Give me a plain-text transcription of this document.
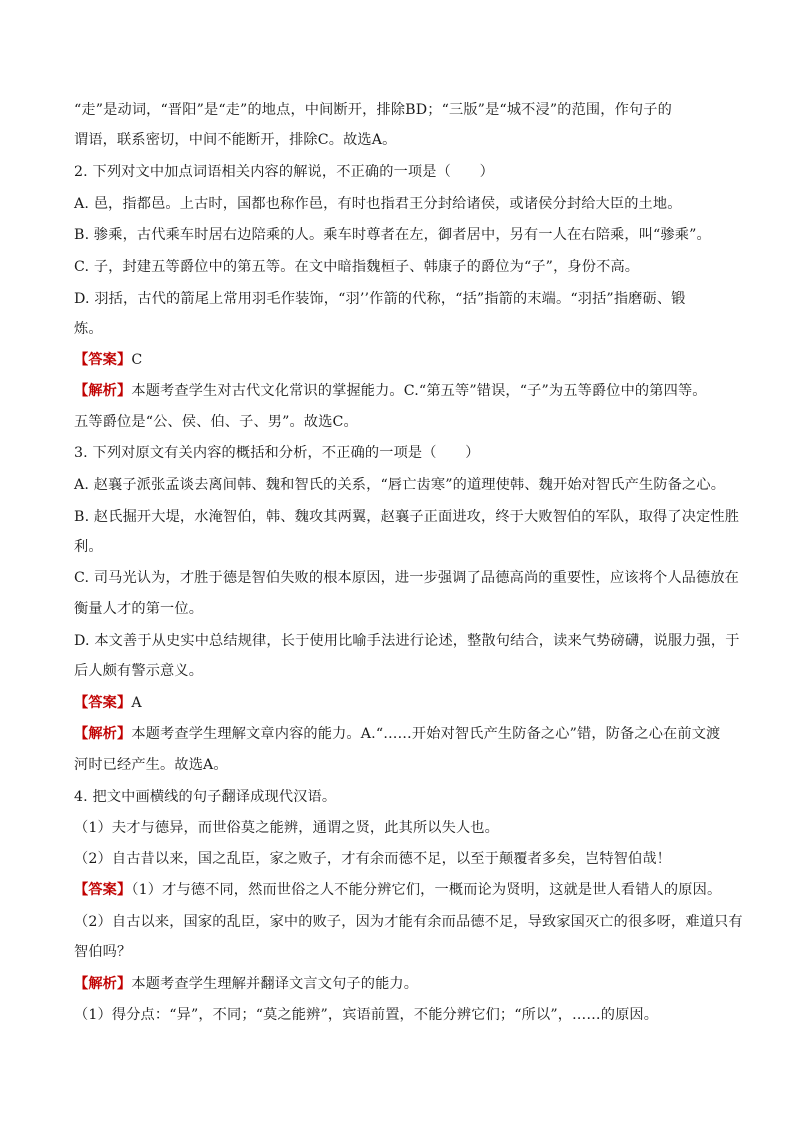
“走”是动词，“晋阳”是“走”的地点，中间断开，排除BD；“三版”是“城不浸”的范围，作句子的
谓语，联系密切，中间不能断开，排除C。故选A。
2. 下列对文中加点词语相关内容的解说，不正确的一项是（　　）
A. 邑，指都邑。上古时，国都也称作邑，有时也指君王分封给诸侯，或诸侯分封给大臣的土地。
B. 骖乘，古代乘车时居右边陪乘的人。乘车时尊者在左，御者居中，另有一人在右陪乘，叫“骖乘”。
C. 子，封建五等爵位中的第五等。在文中暗指魏桓子、韩康子的爵位为“子”，身份不高。
D. 羽括，古代的箭尾上常用羽毛作装饰，“羽’’作箭的代称，“括”指箭的末端。“羽括”指磨砺、锻
炼。
【答案】C
【解析】本题考查学生对古代文化常识的掌握能力。C.“第五等”错误，“子”为五等爵位中的第四等。
五等爵位是“公、侯、伯、子、男”。故选C。
3. 下列对原文有关内容的概括和分析，不正确的一项是（　　）
A. 赵襄子派张孟谈去离间韩、魏和智氏的关系，“唇亡齿寒”的道理使韩、魏开始对智氏产生防备之心。
B. 赵氏掘开大堤，水淹智伯，韩、魏攻其两翼，赵襄子正面进攻，终于大败智伯的军队，取得了决定性胜
利。
C. 司马光认为，才胜于德是智伯失败的根本原因，进一步强调了品德高尚的重要性，应该将个人品德放在
衡量人才的第一位。
D. 本文善于从史实中总结规律，长于使用比喻手法进行论述，整散句结合，读来气势磅礴，说服力强，于
后人颇有警示意义。
【答案】A
【解析】本题考查学生理解文章内容的能力。A.“……开始对智氏产生防备之心”错，防备之心在前文渡
河时已经产生。故选A。
4. 把文中画横线的句子翻译成现代汉语。
（1）夫才与德异，而世俗莫之能辨，通谓之贤，此其所以失人也。
（2）自古昔以来，国之乱臣，家之败子，才有余而德不足，以至于颠覆者多矣，岂特智伯哉！
【答案】（1）才与德不同，然而世俗之人不能分辨它们，一概而论为贤明，这就是世人看错人的原因。
（2）自古以来，国家的乱臣，家中的败子，因为才能有余而品德不足，导致家国灭亡的很多呀，难道只有
智伯吗？
【解析】本题考查学生理解并翻译文言文句子的能力。
（1）得分点：“异”，不同；“莫之能辨”，宾语前置，不能分辨它们；“所以”，……的原因。
